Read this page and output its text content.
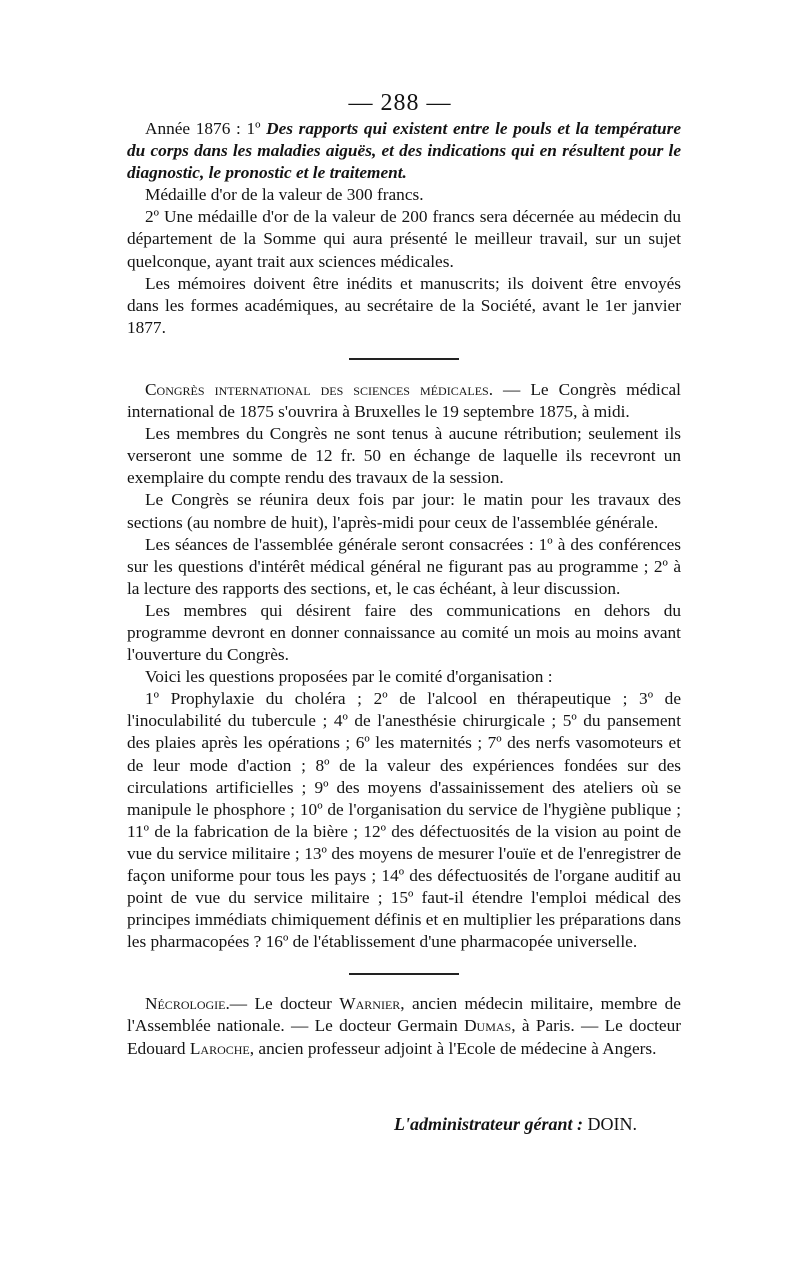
— 288 —

Année 1876 : 1º Des rapports qui existent entre le pouls et la température du corps dans les maladies aiguës, et des indications qui en résultent pour le diagnostic, le pronostic et le traitement.

Médaille d'or de la valeur de 300 francs.

2º Une médaille d'or de la valeur de 200 francs sera décernée au médecin du département de la Somme qui aura présenté le meilleur travail, sur un sujet quelconque, ayant trait aux sciences médicales.

Les mémoires doivent être inédits et manuscrits; ils doivent être envoyés dans les formes académiques, au secrétaire de la Société, avant le 1er janvier 1877.

Congrès international des sciences médicales. — Le Congrès médical international de 1875 s'ouvrira à Bruxelles le 19 septembre 1875, à midi.

Les membres du Congrès ne sont tenus à aucune rétribution; seulement ils verseront une somme de 12 fr. 50 en échange de laquelle ils recevront un exemplaire du compte rendu des travaux de la session.

Le Congrès se réunira deux fois par jour: le matin pour les travaux des sections (au nombre de huit), l'après-midi pour ceux de l'assemblée générale.

Les séances de l'assemblée générale seront consacrées : 1º à des conférences sur les questions d'intérêt médical général ne figurant pas au programme ; 2º à la lecture des rapports des sections, et, le cas échéant, à leur discussion.

Les membres qui désirent faire des communications en dehors du programme devront en donner connaissance au comité un mois au moins avant l'ouverture du Congrès.

Voici les questions proposées par le comité d'organisation :

1º Prophylaxie du choléra ; 2º de l'alcool en thérapeutique ; 3º de l'inoculabilité du tubercule ; 4º de l'anesthésie chirurgicale ; 5º du pansement des plaies après les opérations ; 6º les maternités ; 7º des nerfs vasomoteurs et de leur mode d'action ; 8º de la valeur des expériences fondées sur des circulations artificielles ; 9º des moyens d'assainissement des ateliers où se manipule le phosphore ; 10º de l'organisation du service de l'hygiène publique ; 11º de la fabrication de la bière ; 12º des défectuosités de la vision au point de vue du service militaire ; 13º des moyens de mesurer l'ouïe et de l'enregistrer de façon uniforme pour tous les pays ; 14º des défectuosités de l'organe auditif au point de vue du service militaire ; 15º faut-il étendre l'emploi médical des principes immédiats chimiquement définis et en multiplier les préparations dans les pharmacopées ? 16º de l'établissement d'une pharmacopée universelle.

Nécrologie.— Le docteur Warnier, ancien médecin militaire, membre de l'Assemblée nationale. — Le docteur Germain Dumas, à Paris. — Le docteur Edouard Laroche, ancien professeur adjoint à l'Ecole de médecine à Angers.

L'administrateur gérant : DOIN.
